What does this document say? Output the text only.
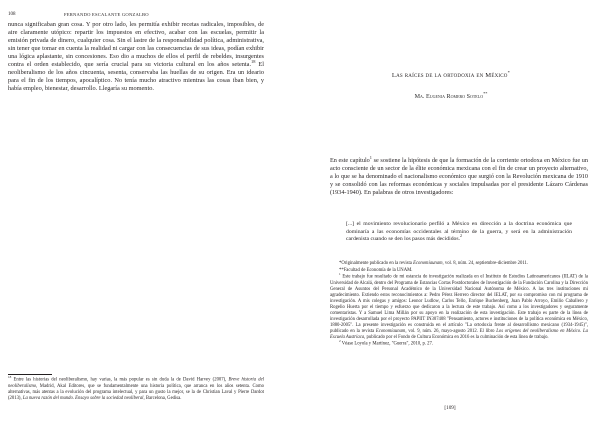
108	FERNANDO ESCALANTE GONZALBO

nunca significaban gran cosa. Y por otro lado, les permitía exhibir recetas radicales, imposibles, de aire claramente utópico: repartir los impuestos en efectivo, acabar con las escuelas, permitir la emisión privada de dinero, cualquier cosa. Sin el lastre de la responsabilidad política, administrativa, sin tener que tomar en cuenta la realidad ni cargar con las consecuencias de sus ideas, podían exhibir una lógica aplastante, sin concesiones. Eso dio a muchos de ellos el perfil de rebeldes, insurgentes contra el orden establecido, que sería crucial para su victoria cultural en los años setenta.$^{18}$ El neoliberalismo de los años cincuenta, sesenta, conservaba las huellas de su origen. Era un ideario para el fin de los tiempos, apocalíptico. No tenía mucho atractivo mientras las cosas iban bien, y había empleo, bienestar, desarrollo. Llegaría su momento.

$^{18}$ Entre las historias del neoliberalismo, hay varias, la más popular es sin duda la de David Harvey (2007), Breve historia del neoliberalismo, Madrid, Akal Editores, que se fundamentalmente una historia política, que arranca en los años setenta. Como alternativas, más atentas a la evolución del programa intelectual, y para un gusto la mejor, se la de Christian Laval y Pierre Dardot (2013), La nueva razón del mundo. Ensayo sobre la sociedad neoliberal, Barcelona, Gedisa.

Las raíces de la ortodoxia en México*
Ma. Eugenia Romero Sotelo**

En este capítulo$^1$ se sostiene la hipótesis de que la formación de la corriente ortodoxa en México fue un acto consciente de un sector de la élite económica mexicana con el fin de crear un proyecto alternativo, a lo que se ha denominado el nacionalismo económico que surgió con la Revolución mexicana de 1910 y se consolidó con las reformas económicas y sociales impulsadas por el presidente Lázaro Cárdenas (1934-1940). En palabras de otros investigadores:

[...] el movimiento revolucionario perfiló a México en dirección a la doctrina económica que dominaría a las economías occidentales al término de la guerra, y será en la administración cardenista cuando se den los pasos más decididos.$^2$

*Originalmente publicado en la revista Economíaunam, vol. 8, núm. 24, septiembre-diciembre 2011.

**Facultad de Economía de la UNAM.

$^1$ Este trabajo fue resultado de mi estancia de investigación realizada en el Instituto de Estudios Latinoamericanos (IILAT) de la Universidad de Alcalá, dentro del Programa de Estancias Cortas Postdoctorales de Investigación de la Fundación Carolina y la Dirección General de Asuntos del Personal Académico de la Universidad Nacional Autónoma de México. A las tres instituciones mi agradecimiento. Extiendo estos reconocimientos a: Pedro Pérez Herrero director del IELAT, por su compromiso con mi programa de investigación. A mis colegas y amigos: Leonor Ludlow, Carlos Tello, Enrique Buchenberg, Juan Pablo Arroyo, Emilio Caballero y Rogelio Huerta por el tiempo y esfuerzo que dedicaron a la lectura de este trabajo. Así como a los investigadores y seguramente comentaristas. Y a Samuel Lima Millán por su apoyo en la realización de esta investigación. Este trabajo es parte de la línea de investigación desarrollada por el proyecto PAPIIT IN307408 "Pensamiento, actores e instituciones de la política económica en México, 1880-2005". La presente investigación es construida en el artículo "La ortodoxia frente al desarrollismo mexicano (1934-1945)", publicado en la revista Economíaunam, vol. 9, núm. 26, mayo-agosto 2012. El libro Los orígenes del neoliberalismo en México. La Escuela Austriaca, publicado por el Fondo de Cultura Económica en 2016 es la culminación de esta línea de trabajo.

$^2$ Véase Loyola y Martínez, "Guerra", 2010, p. 27.

[109]
